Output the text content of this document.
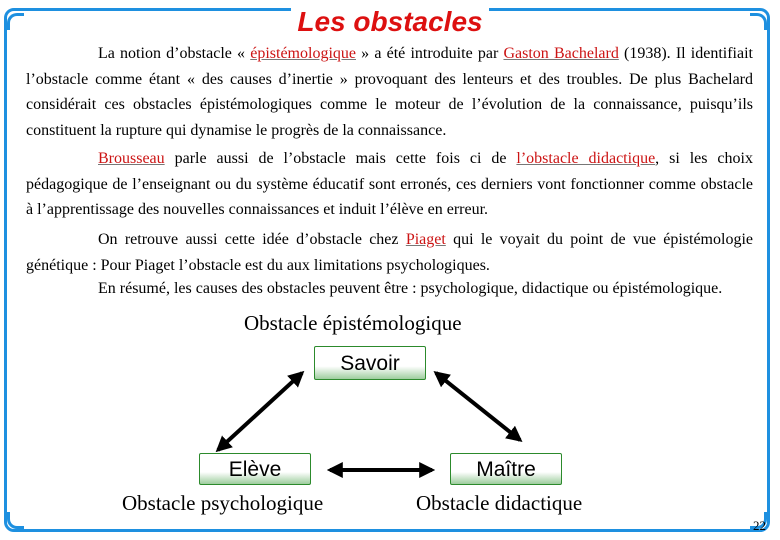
Les obstacles

La notion d’obstacle « épistémologique » a été introduite par Gaston Bachelard (1938). Il identifiait l’obstacle comme étant « des causes d’inertie » provoquant des lenteurs et des troubles. De plus Bachelard considérait ces obstacles épistémologiques comme le moteur de l’évolution de la connaissance, puisqu’ils constituent la rupture qui dynamise le progrès de la connaissance.

Brousseau parle aussi de l’obstacle mais cette fois ci de l’obstacle didactique, si les choix pédagogique de l’enseignant ou du système éducatif sont erronés, ces derniers vont fonctionner comme obstacle à l’apprentissage des nouvelles connaissances et induit l’élève en erreur.

On retrouve aussi cette idée d’obstacle chez Piaget qui le voyait du point de vue épistémologie génétique : Pour Piaget l’obstacle est du aux limitations psychologiques.

En résumé, les causes des obstacles peuvent être : psychologique, didactique ou épistémologique.

Obstacle épistémologique
Savoir
Elève	Maître
Obstacle psychologique	Obstacle didactique
22
